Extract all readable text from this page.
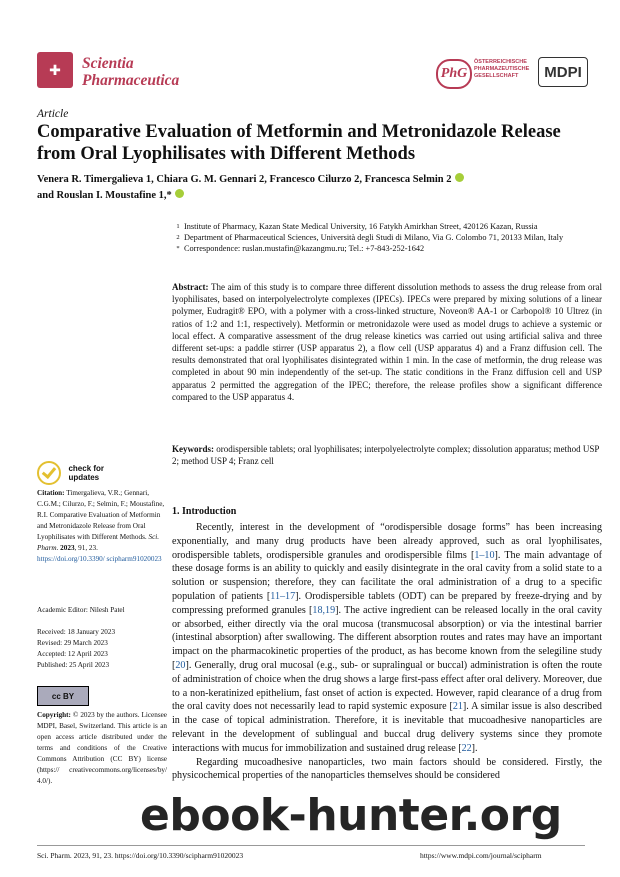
✚	Scientia
Pharmaceutica	PhG
ÖSTERREICHISCHE
PHARMAZEUTISCHE
GESELLSCHAFT	MDPI
Article
Comparative Evaluation of Metformin and Metronidazole Release from Oral Lyophilisates with Different Methods
Venera R. Timergalieva 1, Chiara G. M. Gennari 2, Francesco Cilurzo 2, Francesca Selmin 2
and Rouslan I. Moustafine 1,*
1 Institute of Pharmacy, Kazan State Medical University, 16 Fatykh Amirkhan Street, 420126 Kazan, Russia
2 Department of Pharmaceutical Sciences, Università degli Studi di Milano, Via G. Colombo 71, 20133 Milan, Italy
* Correspondence: ruslan.mustafin@kazangmu.ru; Tel.: +7-843-252-1642
Abstract: The aim of this study is to compare three different dissolution methods to assess the drug release from oral lyophilisates, based on interpolyelectrolyte complexes (IPECs). IPECs were prepared by mixing solutions of a linear polymer, Eudragit® EPO, with a polymer with a cross-linked structure, Noveon® AA-1 or Carbopol® 10 Ultrez (in ratios of 1:2 and 1:1, respectively). Metformin or metronidazole were used as model drugs to achieve a systemic or local effect. A comparative assessment of the drug release kinetics was carried out using artificial saliva and three different set-ups: a paddle stirrer (USP apparatus 2), a flow cell (USP apparatus 4) and a Franz diffusion cell. The results demonstrated that oral lyophilisates disintegrated within 1 min. In the case of metformin, the drug release was completed in about 90 min independently of the set-up. The static conditions in the Franz diffusion cell and USP apparatus 2 permitted the aggregation of the IPEC; therefore, the release profiles show a significant difference compared to the USP apparatus 4.
Keywords: orodispersible tablets; oral lyophilisates; interpolyelectrolyte complex; dissolution apparatus; method USP 2; method USP 4; Franz cell
check for
updates
Citation: Timergalieva, V.R.; Gennari, C.G.M.; Cilurzo, F.; Selmin, F.; Moustafine, R.I. Comparative Evaluation of Metformin and Metronidazole Release from Oral Lyophilisates with Different Methods. Sci. Pharm. 2023, 91, 23. https://doi.org/10.3390/ scipharm91020023
Academic Editor: Nilesh Patel
Received: 18 January 2023
Revised: 29 March 2023
Accepted: 12 April 2023
Published: 25 April 2023
cc BY
Copyright: © 2023 by the authors. Licensee MDPI, Basel, Switzerland. This article is an open access article distributed under the terms and conditions of the Creative Commons Attribution (CC BY) license (https:// creativecommons.org/licenses/by/ 4.0/).
1. Introduction

Recently, interest in the development of “orodispersible dosage forms” has been increasing exponentially, and many drug products have been already approved, such as oral lyophilisates, orodispersible tablets, orodispersible granules and orodispersible films [1–10]. The main advantage of these dosage forms is an ability to quickly and easily disintegrate in the oral cavity from a solid state to a solution or suspension; therefore, they can facilitate the oral administration of a drug to a specific population of patients [11–17]. Orodispersible tablets (ODT) can be prepared by freeze-drying and by compressing preformed granules [18,19]. The active ingredient can be released locally in the oral cavity or absorbed, either directly via the oral mucosa (transmucosal absorption) or via the intestinal barrier (intestinal absorption) after swallowing. The different absorption routes and rates may have an important impact on the pharmacokinetic properties of the product, as has become known from the selegiline study [20]. Generally, drug oral mucosal (e.g., sub- or supralingual or buccal) administration is often the route of administration of choice when the drug shows a large first-pass effect after oral delivery. Moreover, due to a non-keratinized epithelium, fast onset of action is expected. However, rapid clearance of a drug from the oral cavity does not necessarily lead to rapid systemic exposure [21]. A similar issue is also described in the case of topical administration. Therefore, it is inevitable that mucoadhesive nanoparticles are relevant in the development of sublingual and buccal drug delivery systems since they promote interactions with mucus for immobilization and sustained drug release [22].

Regarding mucoadhesive nanoparticles, two main factors should be considered. Firstly, the physicochemical properties of the nanoparticles themselves should be considered

Sci. Pharm. 2023, 91, 23. https://doi.org/10.3390/scipharm91020023	https://www.mdpi.com/journal/scipharm
ebook-hunter.org
